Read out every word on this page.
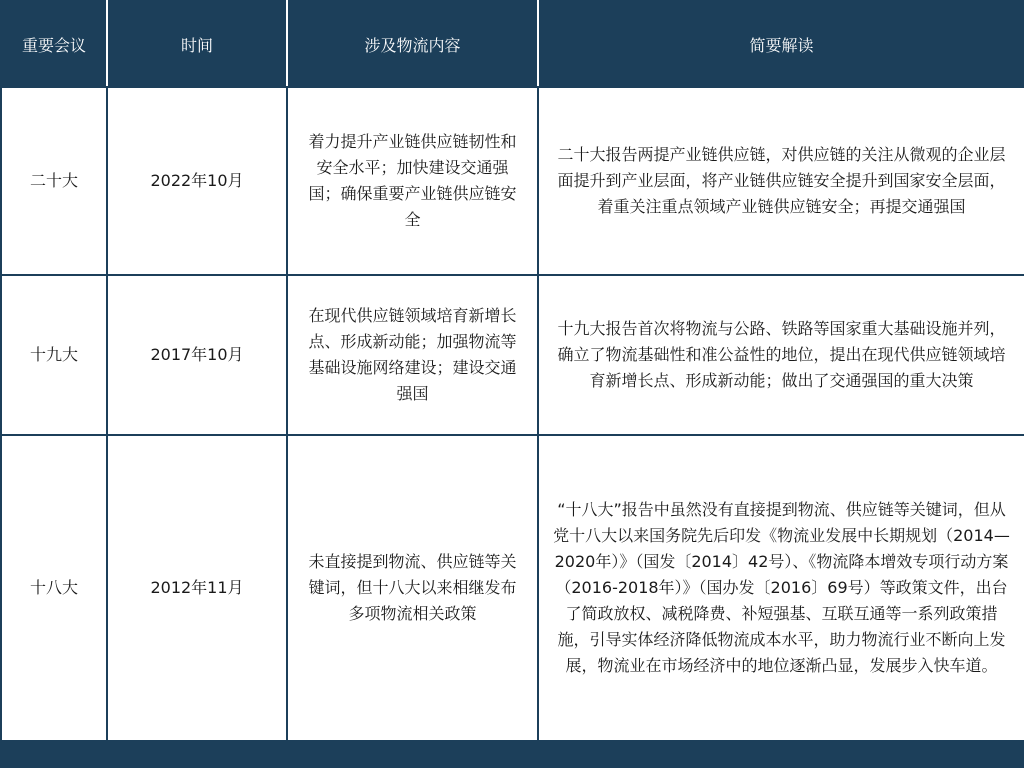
重要会议	时间	涉及物流内容	简要解读
二十大	2022年10月	着力提升产业链供应链韧性和安全水平；加快建设交通强国；确保重要产业链供应链安全	二十大报告两提产业链供应链，对供应链的关注从微观的企业层面提升到产业层面，将产业链供应链安全提升到国家安全层面，着重关注重点领域产业链供应链安全；再提交通强国
十九大	2017年10月	在现代供应链领域培育新增长点、形成新动能；加强物流等基础设施网络建设；建设交通强国	十九大报告首次将物流与公路、铁路等国家重大基础设施并列，确立了物流基础性和准公益性的地位，提出在现代供应链领域培育新增长点、形成新动能；做出了交通强国的重大决策
十八大	2012年11月	未直接提到物流、供应链等关键词，但十八大以来相继发布多项物流相关政策	“十八大”报告中虽然没有直接提到物流、供应链等关键词，但从党十八大以来国务院先后印发《物流业发展中长期规划（2014—2020年）》（国发〔2014〕42号）、《物流降本增效专项行动方案（2016-2018年）》（国办发〔2016〕69号）等政策文件，出台了简政放权、减税降费、补短强基、互联互通等一系列政策措施，引导实体经济降低物流成本水平，助力物流行业不断向上发展，物流业在市场经济中的地位逐渐凸显，发展步入快车道。
